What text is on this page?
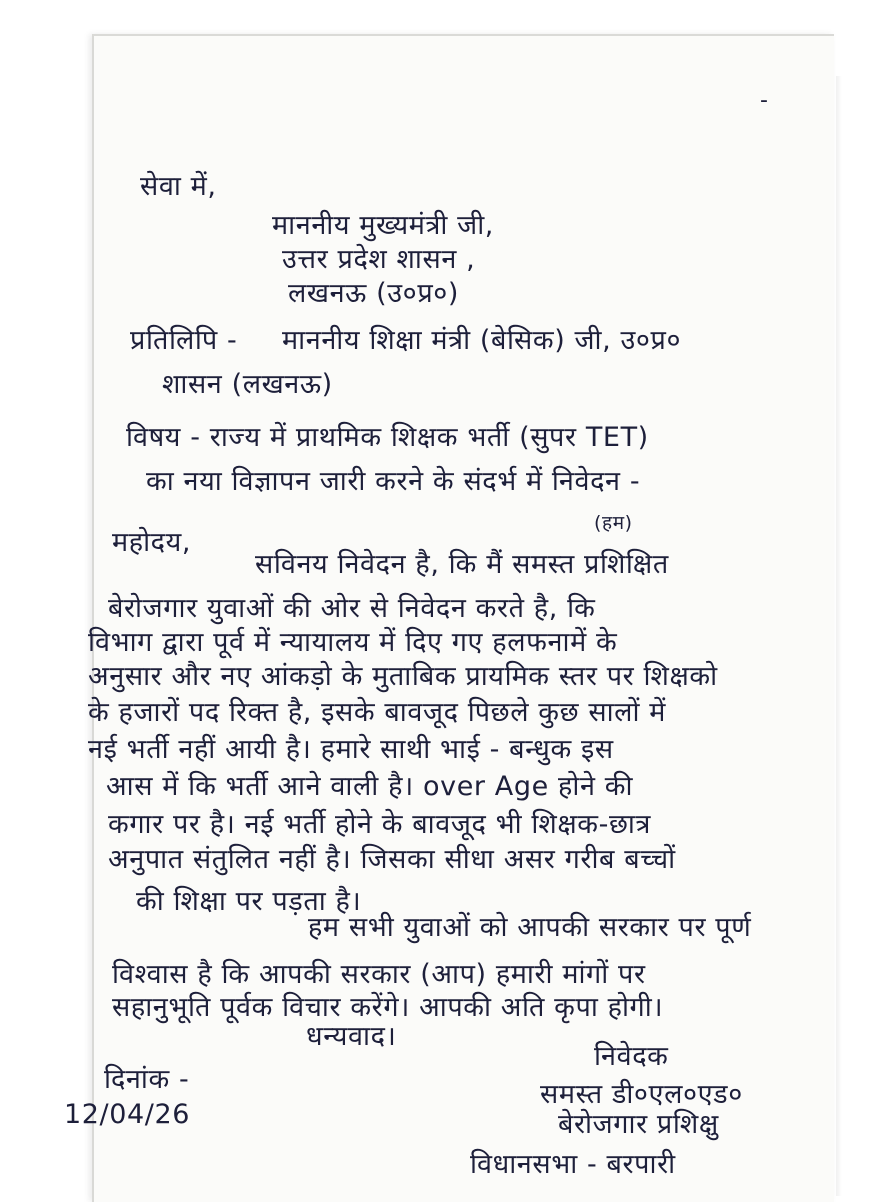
-
सेवा में,
माननीय मुख्यमंत्री जी,
उत्तर प्रदेश शासन ,
लखनऊ (उ०प्र०)
प्रतिलिपि - माननीय शिक्षा मंत्री (बेसिक) जी, उ०प्र०
शासन (लखनऊ)
विषय - राज्य में प्राथमिक शिक्षक भर्ती (सुपर TET)
का नया विज्ञापन जारी करने के संदर्भ में निवेदन -
महोदय,
(हम)
सविनय निवेदन है, कि मैं समस्त प्रशिक्षित
बेरोजगार युवाओं की ओर से निवेदन करते है, कि
विभाग द्वारा पूर्व में न्यायालय में दिए गए हलफनामें के
अनुसार और नए आंकड़ो के मुताबिक प्रायमिक स्तर पर शिक्षको
के हजारों पद रिक्त है, इसके बावजूद पिछले कुछ सालों में
नई भर्ती नहीं आयी है। हमारे साथी भाई - बन्धुक इस
आस में कि भर्ती आने वाली है। over Age होने की
कगार पर है। नई भर्ती होने के बावजूद भी शिक्षक-छात्र
अनुपात संतुलित नहीं है। जिसका सीधा असर गरीब बच्चों
की शिक्षा पर पड़ता है।
हम सभी युवाओं को आपकी सरकार पर पूर्ण
विश्वास है कि आपकी सरकार (आप) हमारी मांगों पर
सहानुभूति पूर्वक विचार करेंगे। आपकी अति कृपा होगी।
धन्यवाद।
दिनांक -
12/04/26
निवेदक
समस्त डी०एल०एड०
बेरोजगार प्रशिक्षु
विधानसभा - बरपारी
